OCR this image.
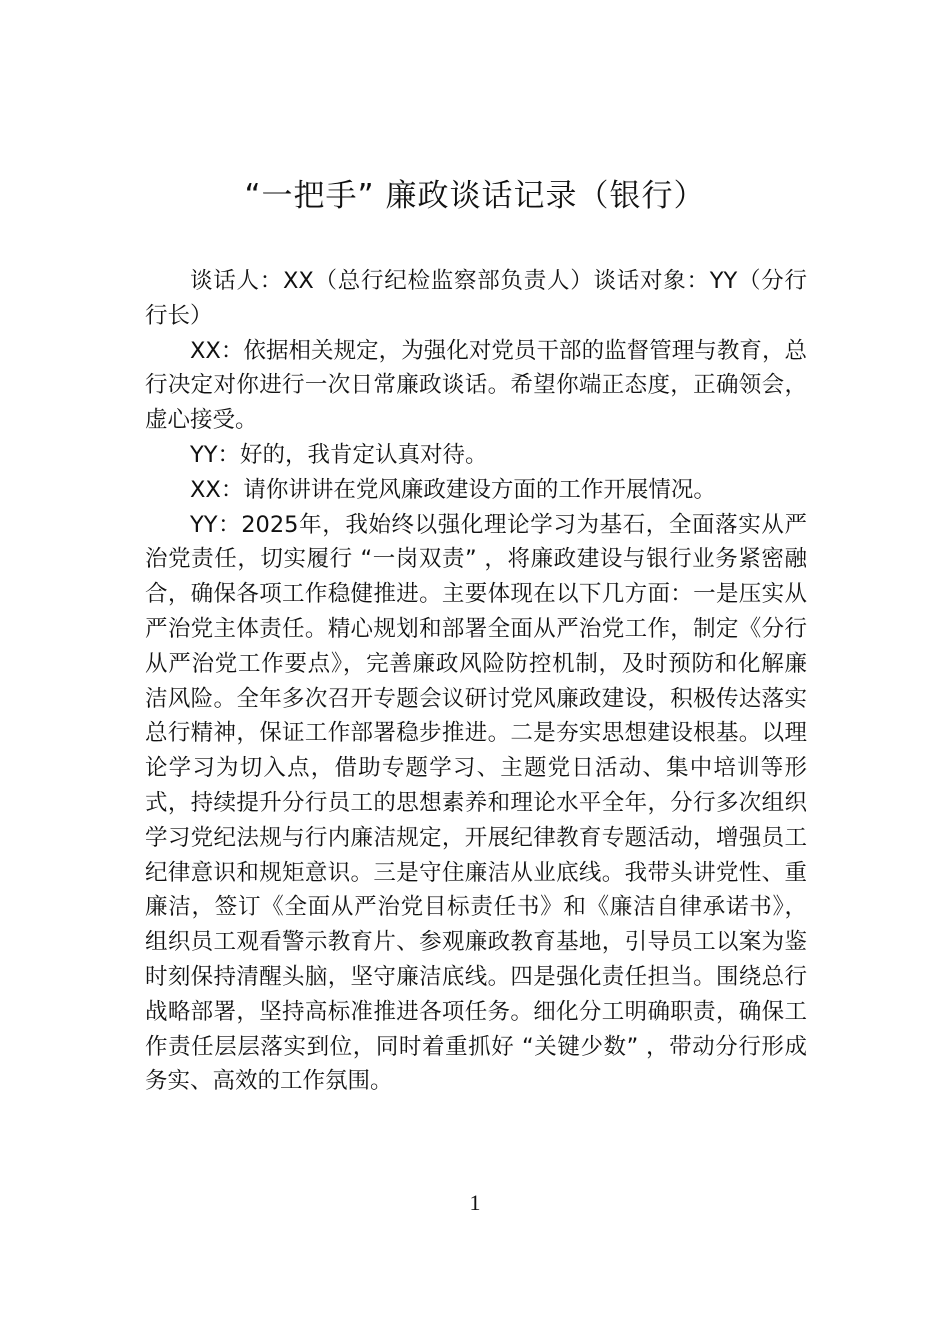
“一把手” 廉政谈话记录（银行）

谈话人：XX（总行纪检监察部负责人）谈话对象：YY（分行行长）

XX：依据相关规定，为强化对党员干部的监督管理与教育，总行决定对你进行一次日常廉政谈话。希望你端正态度，正确领会，虚心接受。

YY：好的，我肯定认真对待。

XX：请你讲讲在党风廉政建设方面的工作开展情况。

YY：2025年，我始终以强化理论学习为基石，全面落实从严治党责任，切实履行 “一岗双责” ，将廉政建设与银行业务紧密融合，确保各项工作稳健推进。主要体现在以下几方面：一是压实从严治党主体责任。精心规划和部署全面从严治党工作，制定《分行从严治党工作要点》，完善廉政风险防控机制，及时预防和化解廉洁风险。全年多次召开专题会议研讨党风廉政建设，积极传达落实总行精神，保证工作部署稳步推进。二是夯实思想建设根基。以理论学习为切入点，借助专题学习、主题党日活动、集中培训等形式，持续提升分行员工的思想素养和理论水平全年，分行多次组织学习党纪法规与行内廉洁规定，开展纪律教育专题活动，增强员工纪律意识和规矩意识。三是守住廉洁从业底线。我带头讲党性、重廉洁，签订《全面从严治党目标责任书》和《廉洁自律承诺书》，组织员工观看警示教育片、参观廉政教育基地，引导员工以案为鉴时刻保持清醒头脑，坚守廉洁底线。四是强化责任担当。围绕总行战略部署，坚持高标准推进各项任务。细化分工明确职责，确保工作责任层层落实到位，同时着重抓好 “关键少数” ，带动分行形成务实、高效的工作氛围。

1
